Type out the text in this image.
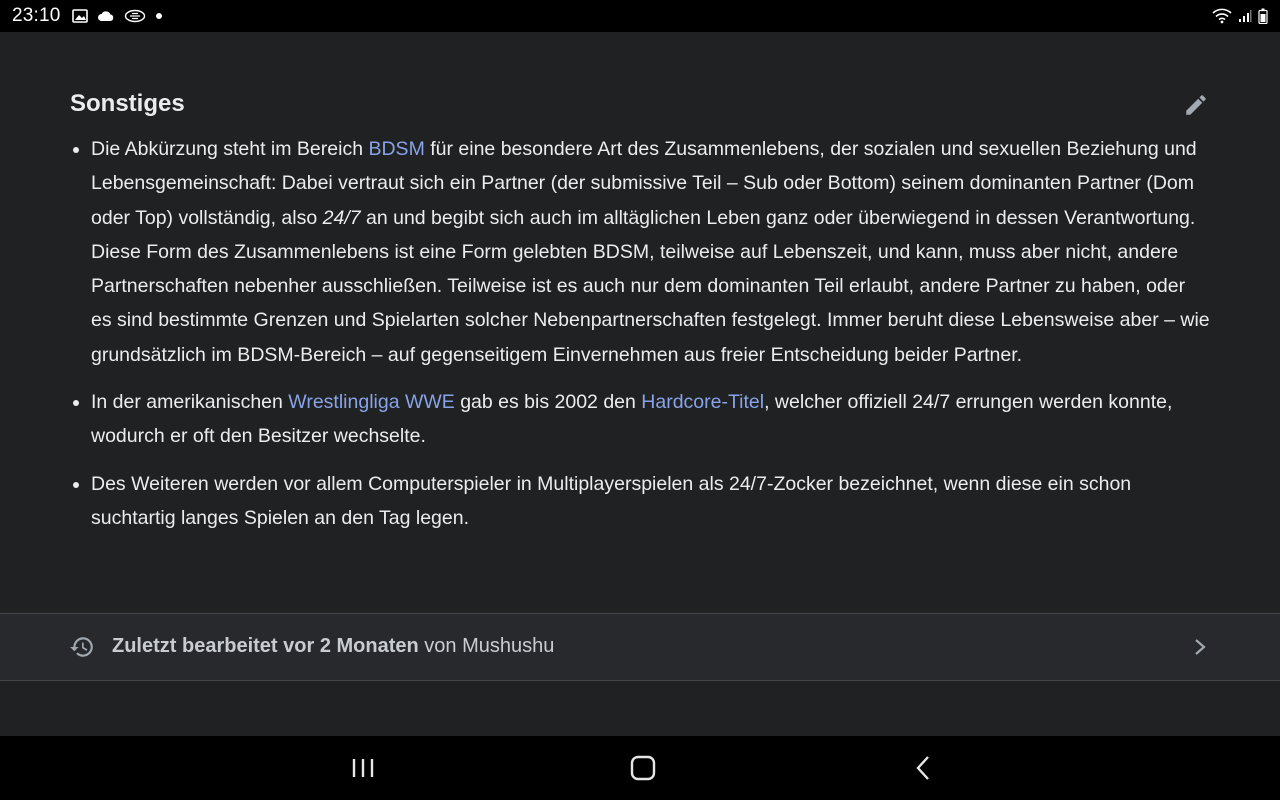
23:10
Sonstiges
Die Abkürzung steht im Bereich BDSM für eine besondere Art des Zusammenlebens, der sozialen und sexuellen Beziehung und Lebensgemeinschaft: Dabei vertraut sich ein Partner (der submissive Teil – Sub oder Bottom) seinem dominanten Partner (Dom oder Top) vollständig, also 24/7 an und begibt sich auch im alltäglichen Leben ganz oder überwiegend in dessen Verantwortung. Diese Form des Zusammenlebens ist eine Form gelebten BDSM, teilweise auf Lebenszeit, und kann, muss aber nicht, andere Partnerschaften nebenher ausschließen. Teilweise ist es auch nur dem dominanten Teil erlaubt, andere Partner zu haben, oder es sind bestimmte Grenzen und Spielarten solcher Nebenpartnerschaften festgelegt. Immer beruht diese Lebensweise aber – wie grundsätzlich im BDSM-Bereich – auf gegenseitigem Einvernehmen aus freier Entscheidung beider Partner.
In der amerikanischen Wrestlingliga WWE gab es bis 2002 den Hardcore-Titel, welcher offiziell 24/7 errungen werden konnte, wodurch er oft den Besitzer wechselte.
Des Weiteren werden vor allem Computerspieler in Multiplayerspielen als 24/7-Zocker bezeichnet, wenn diese ein schon suchtartig langes Spielen an den Tag legen.
Zuletzt bearbeitet vor 2 Monaten von Mushushu
